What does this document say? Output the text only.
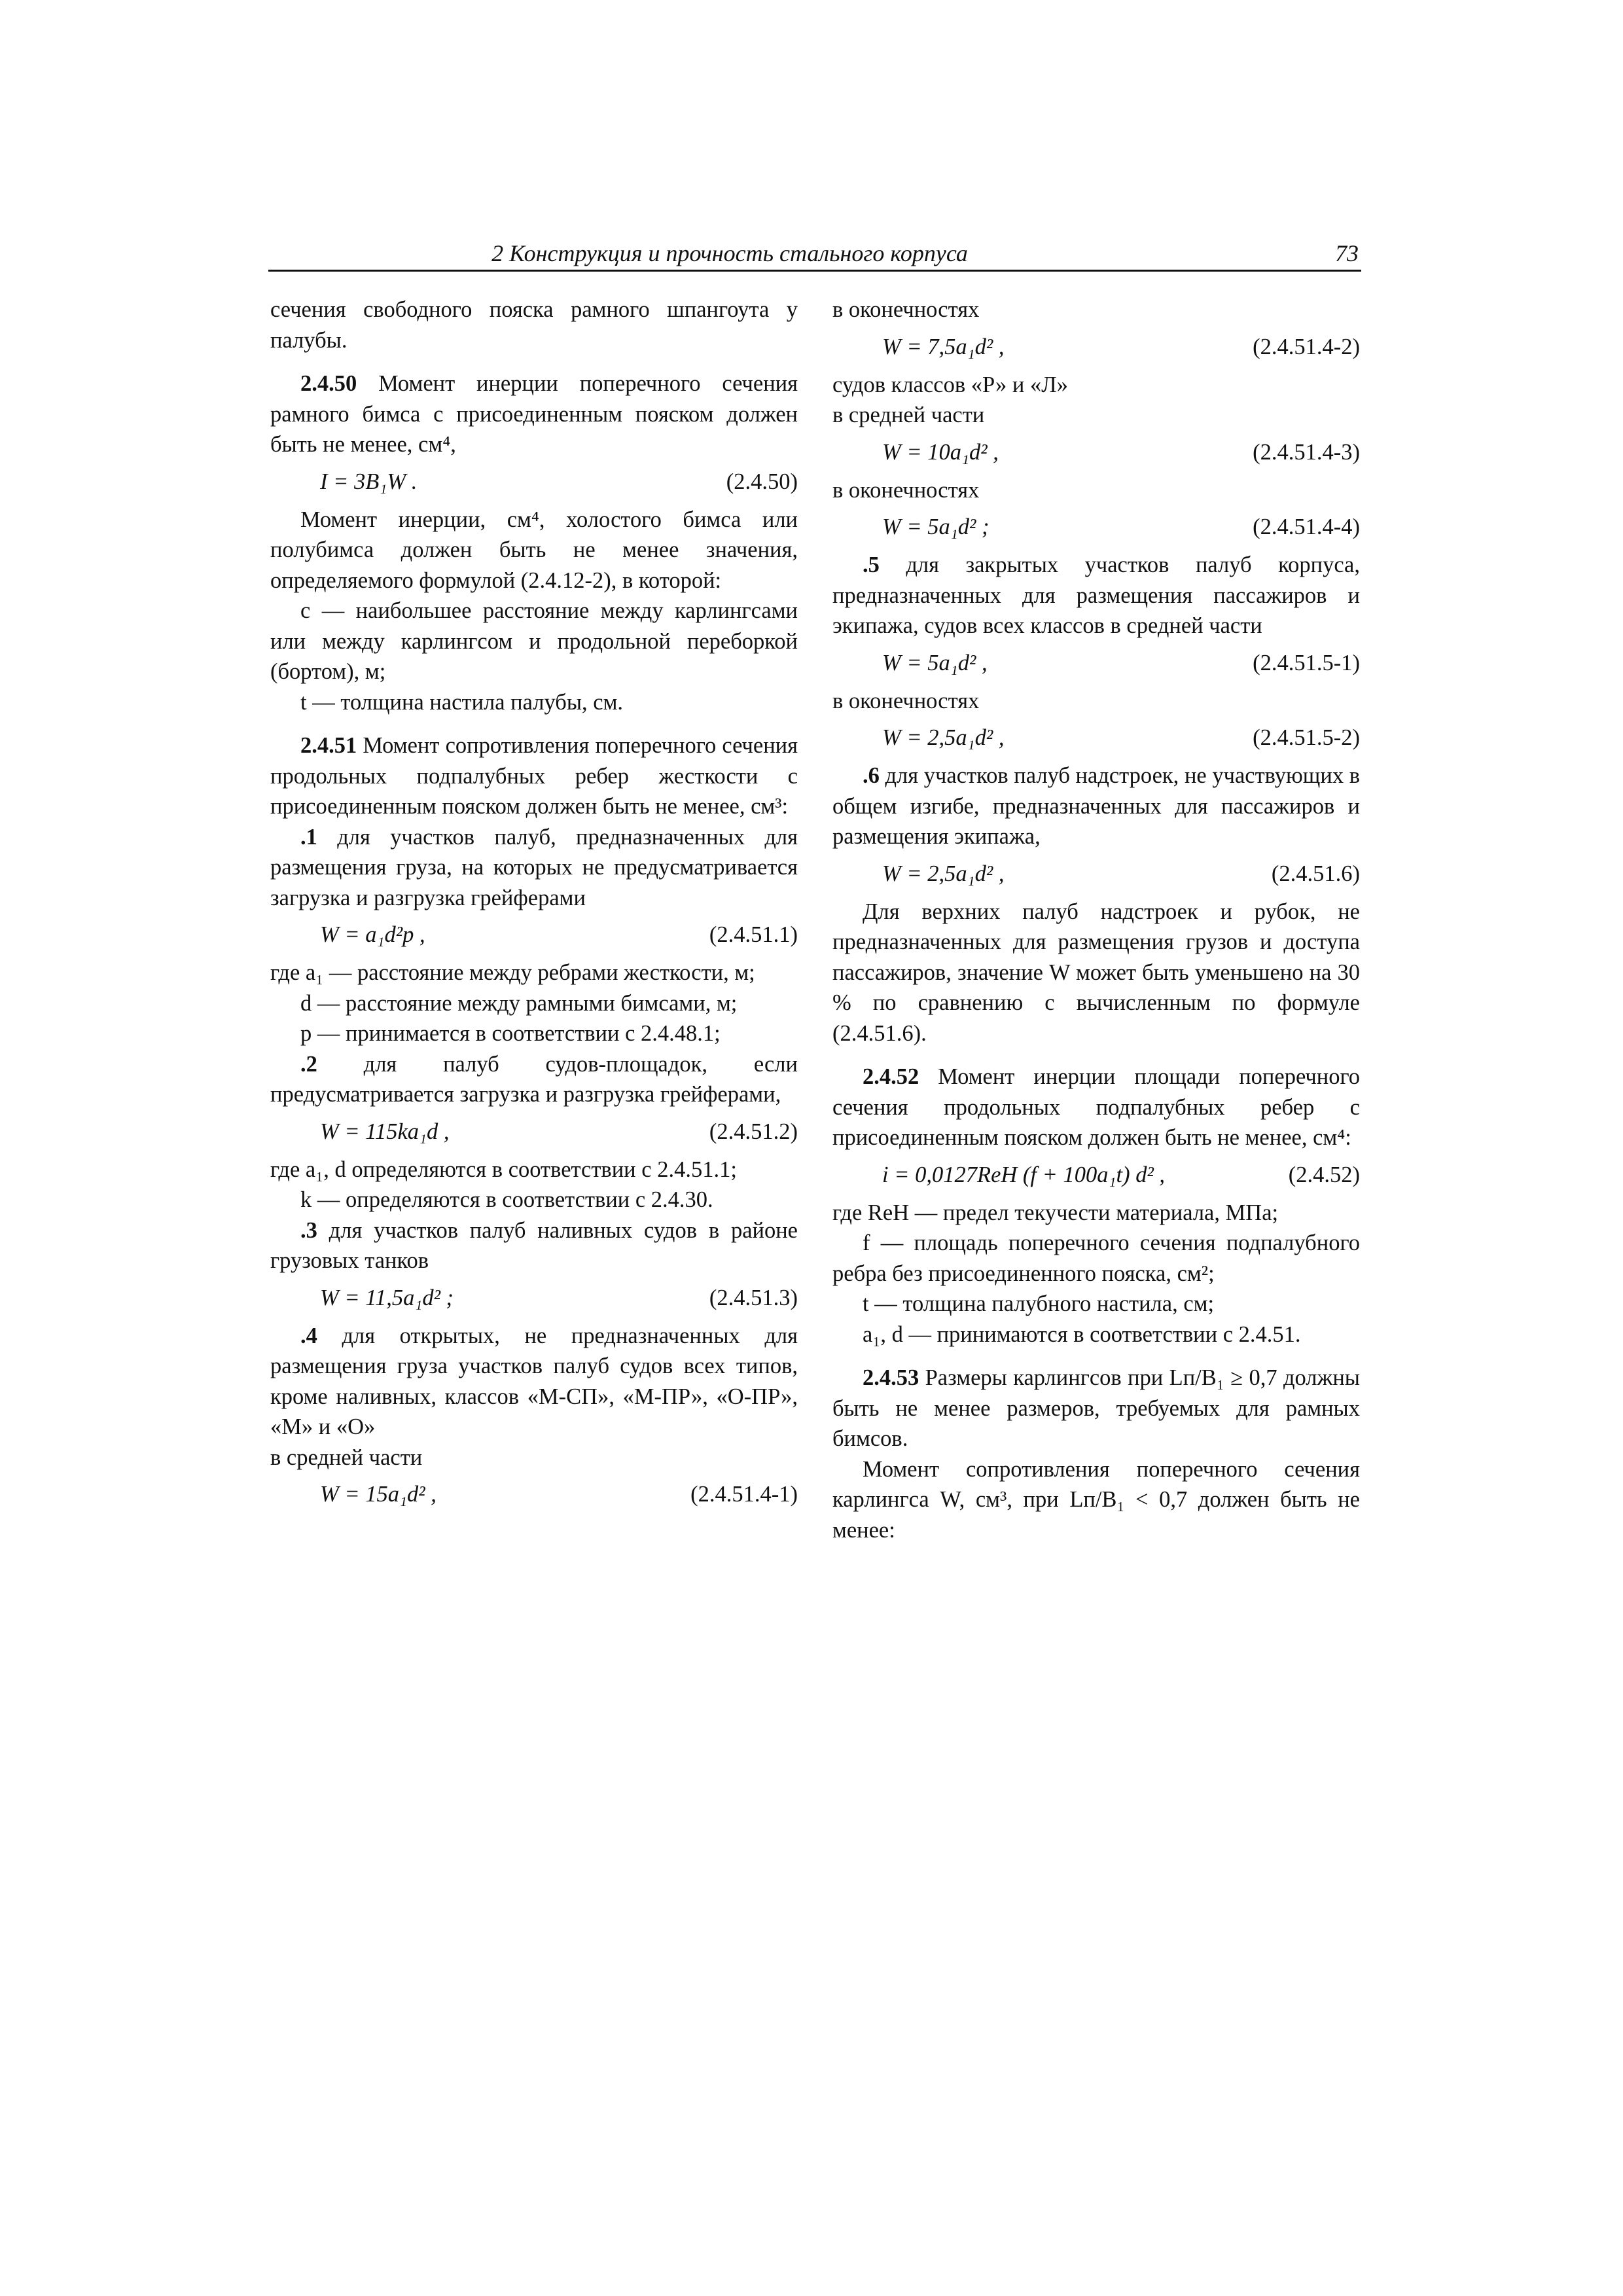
2 Конструкция и прочность стального корпуса	73

сечения свободного пояска рамного шпангоута у палубы.

2.4.50 Момент инерции поперечного сечения рамного бимса с присоединенным пояском должен быть не менее, см⁴,

I = 3B₁W .	(2.4.50)

Момент инерции, см⁴, холостого бимса или полубимса должен быть не менее значения, определяемого формулой (2.4.12-2), в которой:

c — наибольшее расстояние между карлингсами или между карлингсом и продольной переборкой (бортом), м;

t — толщина настила палубы, см.

2.4.51 Момент сопротивления поперечного сечения продольных подпалубных ребер жесткости с присоединенным пояском должен быть не менее, см³:

.1 для участков палуб, предназначенных для размещения груза, на которых не предусматривается загрузка и разгрузка грейферами

W = a₁d²p ,	(2.4.51.1)

где a₁ — расстояние между ребрами жесткости, м;

d — расстояние между рамными бимсами, м;

p — принимается в соответствии с 2.4.48.1;

.2 для палуб судов-площадок, если предусматривается загрузка и разгрузка грейферами,

W = 115ka₁d ,	(2.4.51.2)

где a₁, d определяются в соответствии с 2.4.51.1;

k — определяются в соответствии с 2.4.30.

.3 для участков палуб наливных судов в районе грузовых танков

W = 11,5a₁d² ;	(2.4.51.3)

.4 для открытых, не предназначенных для размещения груза участков палуб судов всех типов, кроме наливных, классов «М-СП», «М-ПР», «О-ПР», «М» и «О»

в средней части

W = 15a₁d² ,	(2.4.51.4-1)

в оконечностях

W = 7,5a₁d² ,	(2.4.51.4-2)

судов классов «Р» и «Л»

в средней части

W = 10a₁d² ,	(2.4.51.4-3)

в оконечностях

W = 5a₁d² ;	(2.4.51.4-4)

.5 для закрытых участков палуб корпуса, предназначенных для размещения пассажиров и экипажа, судов всех классов в средней части

W = 5a₁d² ,	(2.4.51.5-1)

в оконечностях

W = 2,5a₁d² ,	(2.4.51.5-2)

.6 для участков палуб надстроек, не участвующих в общем изгибе, предназначенных для пассажиров и размещения экипажа,

W = 2,5a₁d² ,	(2.4.51.6)

Для верхних палуб надстроек и рубок, не предназначенных для размещения грузов и доступа пассажиров, значение W может быть уменьшено на 30 % по сравнению с вычисленным по формуле (2.4.51.6).

2.4.52 Момент инерции площади поперечного сечения продольных подпалубных ребер с присоединенным пояском должен быть не менее, см⁴:

i = 0,0127RеН (f + 100a₁t) d² ,	(2.4.52)

где RеН — предел текучести материала, МПа;

f — площадь поперечного сечения подпалубного ребра без присоединенного пояска, см²;

t — толщина палубного настила, см;

a₁, d — принимаются в соответствии с 2.4.51.

2.4.53 Размеры карлингсов при Lп/B₁ ≥ 0,7 должны быть не менее размеров, требуемых для рамных бимсов.

Момент сопротивления поперечного сечения карлингса W, см³, при Lп/B₁ < 0,7 должен быть не менее:
